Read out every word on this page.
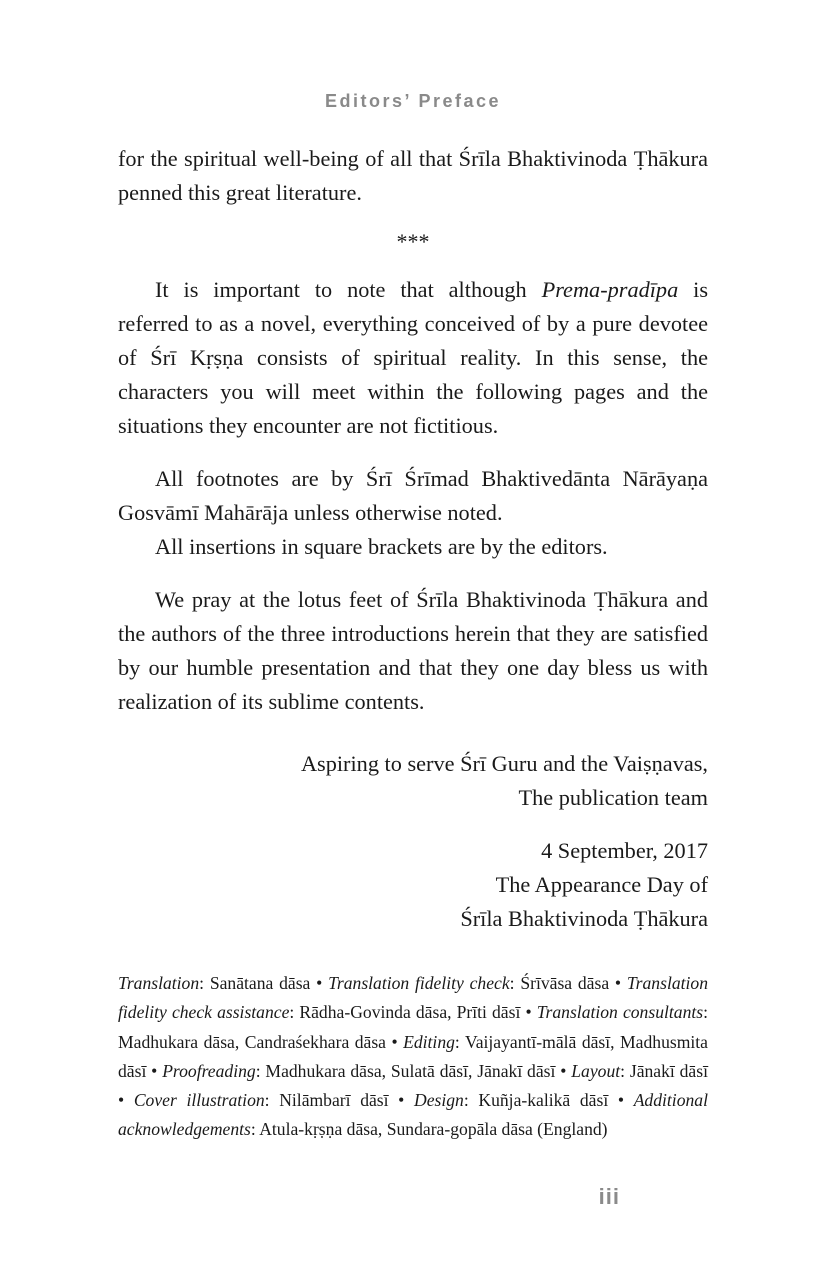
Editors’ Preface

for the spiritual well-being of all that Śrīla Bhaktivinoda Ṭhākura penned this great literature.

***

It is important to note that although Prema-pradīpa is referred to as a novel, everything conceived of by a pure devotee of Śrī Kṛṣṇa consists of spiritual reality. In this sense, the characters you will meet within the following pages and the situations they encounter are not fictitious.

All footnotes are by Śrī Śrīmad Bhaktivedānta Nārāyaṇa Gosvāmī Mahārāja unless otherwise noted.

All insertions in square brackets are by the editors.

We pray at the lotus feet of Śrīla Bhaktivinoda Ṭhākura and the authors of the three introductions herein that they are satisfied by our humble presentation and that they one day bless us with realization of its sublime contents.

Aspiring to serve Śrī Guru and the Vaiṣṇavas,
The publication team
4 September, 2017
The Appearance Day of
Śrīla Bhaktivinoda Ṭhākura

Translation: Sanātana dāsa • Translation fidelity check: Śrīvāsa dāsa • Translation fidelity check assistance: Rādha-Govinda dāsa, Prīti dāsī • Translation consultants: Madhukara dāsa, Candraśekhara dāsa • Editing: Vaijayantī-mālā dāsī, Madhusmita dāsī • Proofreading: Madhukara dāsa, Sulatā dāsī, Jānakī dāsī • Layout: Jānakī dāsī • Cover illustration: Nilāmbarī dāsī • Design: Kuñja-kalikā dāsī • Additional acknowledgements: Atula-kṛṣṇa dāsa, Sundara-gopāla dāsa (England)

iii
